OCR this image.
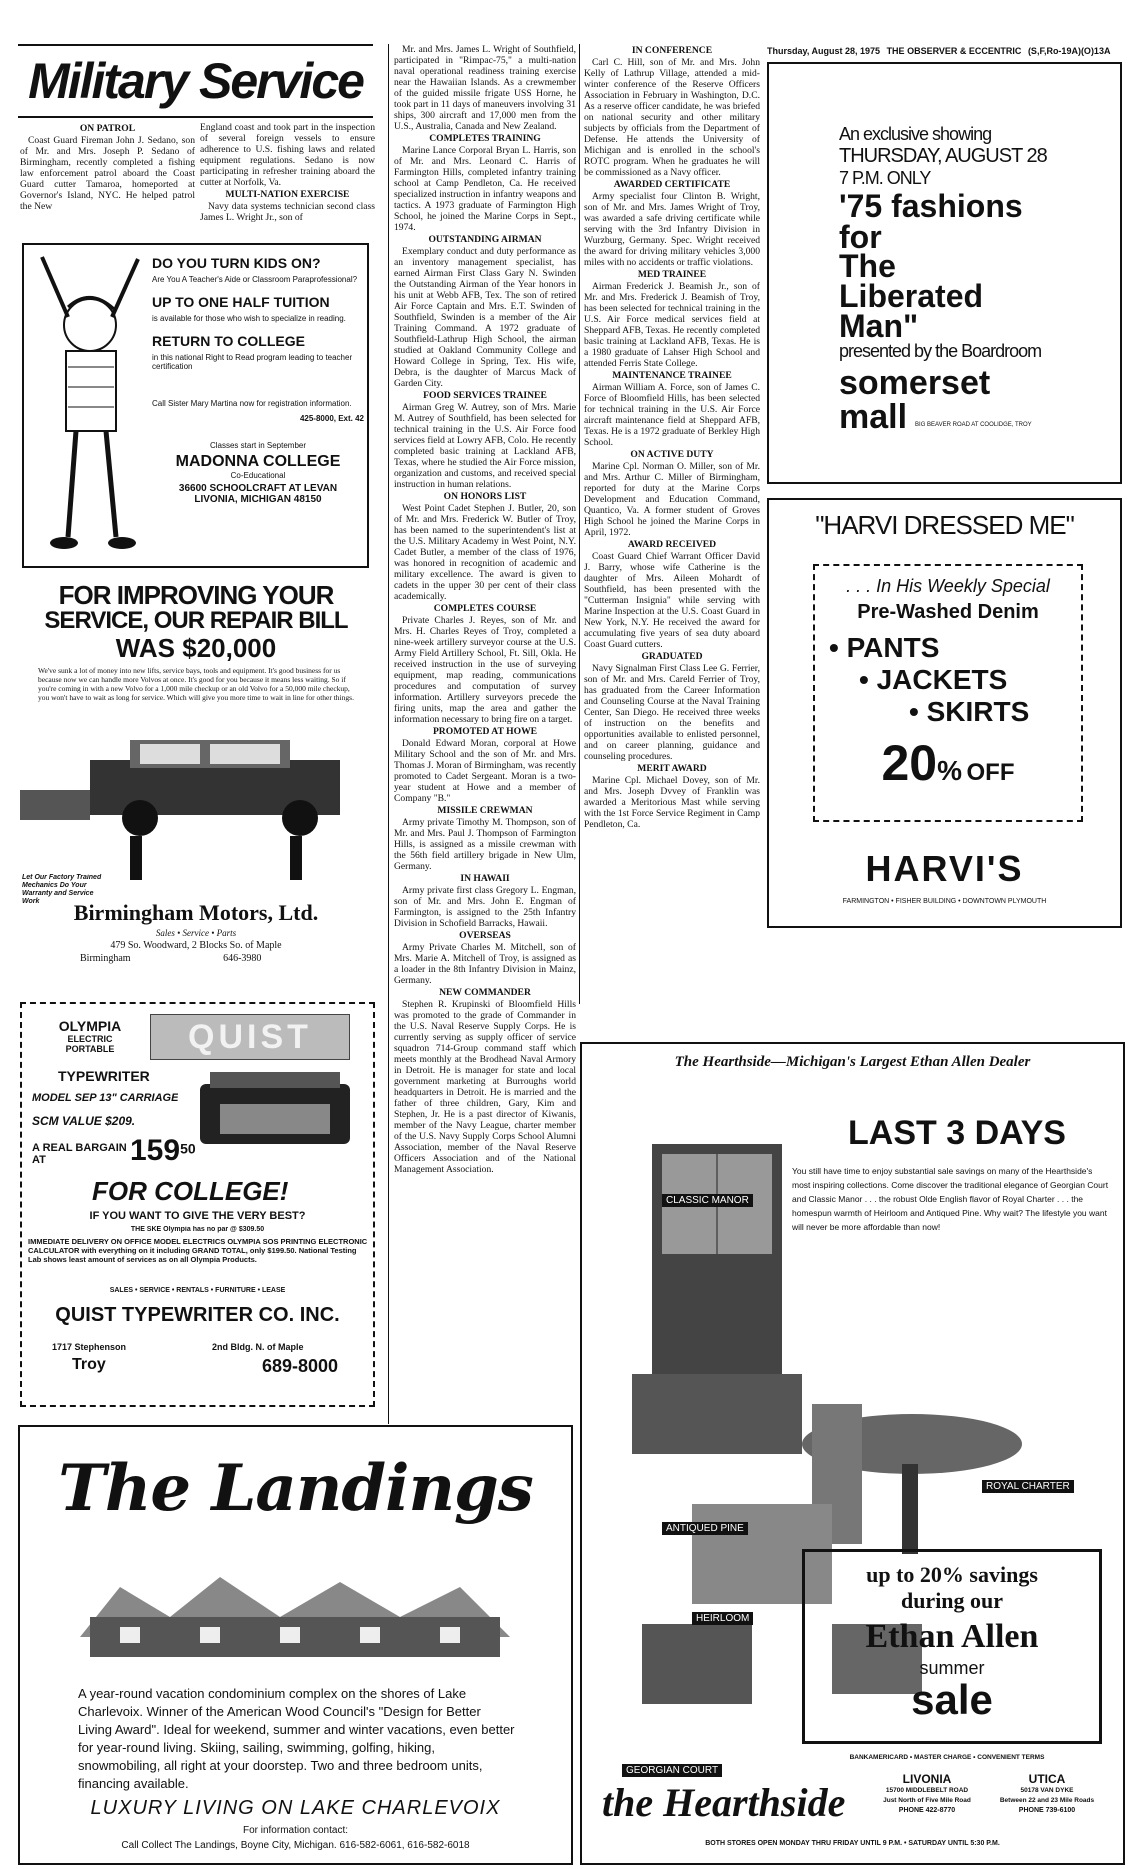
Thursday, August 28, 1975 THE OBSERVER & ECCENTRIC (S,F,Ro-19A)(O)13A
Military Service
ON PATROL

Coast Guard Fireman John J. Sedano, son of Mr. and Mrs. Joseph P. Sedano of Birmingham, recently completed a fishing law enforcement patrol aboard the Coast Guard cutter Tamaroa, homeported at Governor's Island, NYC. He helped patrol the New

England coast and took part in the inspection of several foreign vessels to ensure adherence to U.S. fishing laws and related equipment regulations. Sedano is now participating in refresher training aboard the cutter at Norfolk, Va.

MULTI-NATION EXERCISE

Navy data systems technician second class James L. Wright Jr., son of

Mr. and Mrs. James L. Wright of Southfield, participated in "Rimpac-75," a multi-nation naval operational readiness training exercise near the Hawaiian Islands. As a crewmember of the guided missile frigate USS Horne, he took part in 11 days of maneuvers involving 31 ships, 300 aircraft and 17,000 men from the U.S., Australia, Canada and New Zealand.

COMPLETES TRAINING

Marine Lance Corporal Bryan L. Harris, son of Mr. and Mrs. Leonard C. Harris of Farmington Hills, completed infantry training school at Camp Pendleton, Ca. He received specialized instruction in infantry weapons and tactics. A 1973 graduate of Farmington High School, he joined the Marine Corps in Sept., 1974.

OUTSTANDING AIRMAN

Exemplary conduct and duty performance as an inventory management specialist, has earned Airman First Class Gary N. Swinden the Outstanding Airman of the Year honors in his unit at Webb AFB, Tex. The son of retired Air Force Captain and Mrs. E.T. Swinden of Southfield, Swinden is a member of the Air Training Command. A 1972 graduate of Southfield-Lathrup High School, the airman studied at Oakland Community College and Howard College in Spring, Tex. His wife, Debra, is the daughter of Marcus Mack of Garden City.

FOOD SERVICES TRAINEE

Airman Greg W. Autrey, son of Mrs. Marie M. Autrey of Southfield, has been selected for technical training in the U.S. Air Force food services field at Lowry AFB, Colo. He recently completed basic training at Lackland AFB, Texas, where he studied the Air Force mission, organization and customs, and received special instruction in human relations.

ON HONORS LIST

West Point Cadet Stephen J. Butler, 20, son of Mr. and Mrs. Frederick W. Butler of Troy, has been named to the superintendent's list at the U.S. Military Academy in West Point, N.Y. Cadet Butler, a member of the class of 1976, was honored in recognition of academic and military excellence. The award is given to cadets in the upper 30 per cent of their class academically.

COMPLETES COURSE

Private Charles J. Reyes, son of Mr. and Mrs. H. Charles Reyes of Troy, completed a nine-week artillery surveyor course at the U.S. Army Field Artillery School, Ft. Sill, Okla. He received instruction in the use of surveying equipment, map reading, communications procedures and computation of survey information. Artillery surveyors precede the firing units, map the area and gather the information necessary to bring fire on a target.

PROMOTED AT HOWE

Donald Edward Moran, corporal at Howe Military School and the son of Mr. and Mrs. Thomas J. Moran of Birmingham, was recently promoted to Cadet Sergeant. Moran is a two-year student at Howe and a member of Company "B."

MISSILE CREWMAN

Army private Timothy M. Thompson, son of Mr. and Mrs. Paul J. Thompson of Farmington Hills, is assigned as a missile crewman with the 56th field artillery brigade in New Ulm, Germany.

IN HAWAII

Army private first class Gregory L. Engman, son of Mr. and Mrs. John E. Engman of Farmington, is assigned to the 25th Infantry Division in Schofield Barracks, Hawaii.

OVERSEAS

Army Private Charles M. Mitchell, son of Mrs. Marie A. Mitchell of Troy, is assigned as a loader in the 8th Infantry Division in Mainz, Germany.

NEW COMMANDER

Stephen R. Krupinski of Bloomfield Hills was promoted to the grade of Commander in the U.S. Naval Reserve Supply Corps. He is currently serving as supply officer of service squadron 714-Group command staff which meets monthly at the Brodhead Naval Armory in Detroit. He is manager for state and local government marketing at Burroughs world headquarters in Detroit. He is married and the father of three children, Gary, Kim and Stephen, Jr. He is a past director of Kiwanis, member of the Navy League, charter member of the U.S. Navy Supply Corps School Alumni Association, member of the Naval Reserve Officers Association and of the National Management Association.

IN CONFERENCE

Carl C. Hill, son of Mr. and Mrs. John Kelly of Lathrup Village, attended a mid-winter conference of the Reserve Officers Association in February in Washington, D.C. As a reserve officer candidate, he was briefed on national security and other military subjects by officials from the Department of Defense. He attends the University of Michigan and is enrolled in the school's ROTC program. When he graduates he will be commissioned as a Navy officer.

AWARDED CERTIFICATE

Army specialist four Clinton B. Wright, son of Mr. and Mrs. James Wright of Troy, was awarded a safe driving certificate while serving with the 3rd Infantry Division in Wurzburg, Germany. Spec. Wright received the award for driving military vehicles 3,000 miles with no accidents or traffic violations.

MED TRAINEE

Airman Frederick J. Beamish Jr., son of Mr. and Mrs. Frederick J. Beamish of Troy, has been selected for technical training in the U.S. Air Force medical services field at Sheppard AFB, Texas. He recently completed basic training at Lackland AFB, Texas. He is a 1980 graduate of Lahser High School and attended Ferris State College.

MAINTENANCE TRAINEE

Airman William A. Force, son of James C. Force of Bloomfield Hills, has been selected for technical training in the U.S. Air Force aircraft maintenance field at Sheppard AFB, Texas. He is a 1972 graduate of Berkley High School.

ON ACTIVE DUTY

Marine Cpl. Norman O. Miller, son of Mr. and Mrs. Arthur C. Miller of Birmingham, reported for duty at the Marine Corps Development and Education Command, Quantico, Va. A former student of Groves High School he joined the Marine Corps in April, 1972.

AWARD RECEIVED

Coast Guard Chief Warrant Officer David J. Barry, whose wife Catherine is the daughter of Mrs. Aileen Mohardt of Southfield, has been presented with the "Cutterman Insignia" while serving with Marine Inspection at the U.S. Coast Guard in New York, N.Y. He received the award for accumulating five years of sea duty aboard Coast Guard cutters.

GRADUATED

Navy Signalman First Class Lee G. Ferrier, son of Mr. and Mrs. Careld Ferrier of Troy, has graduated from the Career Information and Counseling Course at the Naval Training Center, San Diego. He received three weeks of instruction on the benefits and opportunities available to enlisted personnel, and on career planning, guidance and counseling procedures.

MERIT AWARD

Marine Cpl. Michael Dovey, son of Mr. and Mrs. Joseph Dvvey of Franklin was awarded a Meritorious Mast while serving with the 1st Force Service Regiment in Camp Pendleton, Ca.

DO YOU TURN KIDS ON?
Are You A Teacher's Aide or Classroom Paraprofessional?
UP TO ONE HALF TUITION
is available for those who wish to specialize in reading.
RETURN TO COLLEGE
in this national Right to Read program leading to teacher certification
Call Sister Mary Martina now for registration information.
425-8000, Ext. 42
Classes start in September
MADONNA COLLEGE
Co-Educational
36600 SCHOOLCRAFT AT LEVAN
LIVONIA, MICHIGAN 48150
FOR IMPROVING YOUR
SERVICE, OUR REPAIR BILL
WAS $20,000
We've sunk a lot of money into new lifts, service bays, tools and equipment. It's good business for us because now we can handle more Volvos at once. It's good for you because it means less waiting. So if you're coming in with a new Volvo for a 1,000 mile checkup or an old Volvo for a 50,000 mile checkup, you won't have to wait as long for service. Which will give you more time to wait in line for other things.
Let Our Factory Trained Mechanics Do Your Warranty and Service Work	Birmingham Motors, Ltd.
Sales • Service • Parts
479 So. Woodward, 2 Blocks So. of Maple
Birmingham	646-3980
OLYMPIA
ELECTRIC
PORTABLE	QUIST
TYPEWRITER
MODEL SEP 13" CARRIAGE
SCM VALUE $209.
A REAL BARGAIN AT	$159^{50}$
FOR COLLEGE!
IF YOU WANT TO GIVE THE VERY BEST?
THE SKE Olympia has no par @ $309.50
IMMEDIATE DELIVERY ON OFFICE MODEL ELECTRICS OLYMPIA SOS PRINTING ELECTRONIC CALCULATOR with everything on it including GRAND TOTAL, only $199.50. National Testing Lab shows least amount of services as on all Olympia Products.
SALES • SERVICE • RENTALS • FURNITURE • LEASE
QUIST TYPEWRITER CO. INC.
1717 Stephenson	2nd Bldg. N. of Maple
Troy	689-8000
The Landings
A year-round vacation condominium complex on the shores of Lake Charlevoix. Winner of the American Wood Council's "Design for Better Living Award". Ideal for weekend, summer and winter vacations, even better for year-round living. Skiing, sailing, swimming, golfing, hiking, snowmobiling, all right at your doorstep. Two and three bedroom units, financing available.
LUXURY LIVING ON LAKE CHARLEVOIX
For information contact:
Call Collect The Landings, Boyne City, Michigan. 616-582-6061, 616-582-6018
An exclusive showing
THURSDAY, AUGUST 28
7 P.M. ONLY
'75 fashions
for
The
Liberated
Man"
presented by the Boardroom
somerset
mall BIG BEAVER ROAD AT COOLIDGE, TROY
"HARVI DRESSED ME"
. . . In His Weekly Special
Pre-Washed Denim
• PANTS
• JACKETS
• SKIRTS
20% OFF
HARVI'S
FARMINGTON • FISHER BUILDING • DOWNTOWN PLYMOUTH
The Hearthside—Michigan's Largest Ethan Allen Dealer
LAST 3 DAYS
You still have time to enjoy substantial sale savings on many of the Hearthside's most inspiring collections. Come discover the traditional elegance of Georgian Court and Classic Manor . . . the robust Olde English flavor of Royal Charter . . . the homespun warmth of Heirloom and Antiqued Pine. Why wait? The lifestyle you want will never be more affordable than now!
CLASSIC MANOR
ROYAL CHARTER
ANTIQUED PINE
HEIRLOOM
GEORGIAN COURT
up to 20% savings
during our
Ethan Allen
summer
sale
BANKAMERICARD • MASTER CHARGE • CONVENIENT TERMS
the Hearthside
LIVONIA
15700 MIDDLEBELT ROAD
Just North of Five Mile Road
PHONE 422-8770
UTICA
50178 VAN DYKE
Between 22 and 23 Mile Roads
PHONE 739-6100
BOTH STORES OPEN MONDAY THRU FRIDAY UNTIL 9 P.M. • SATURDAY UNTIL 5:30 P.M.
